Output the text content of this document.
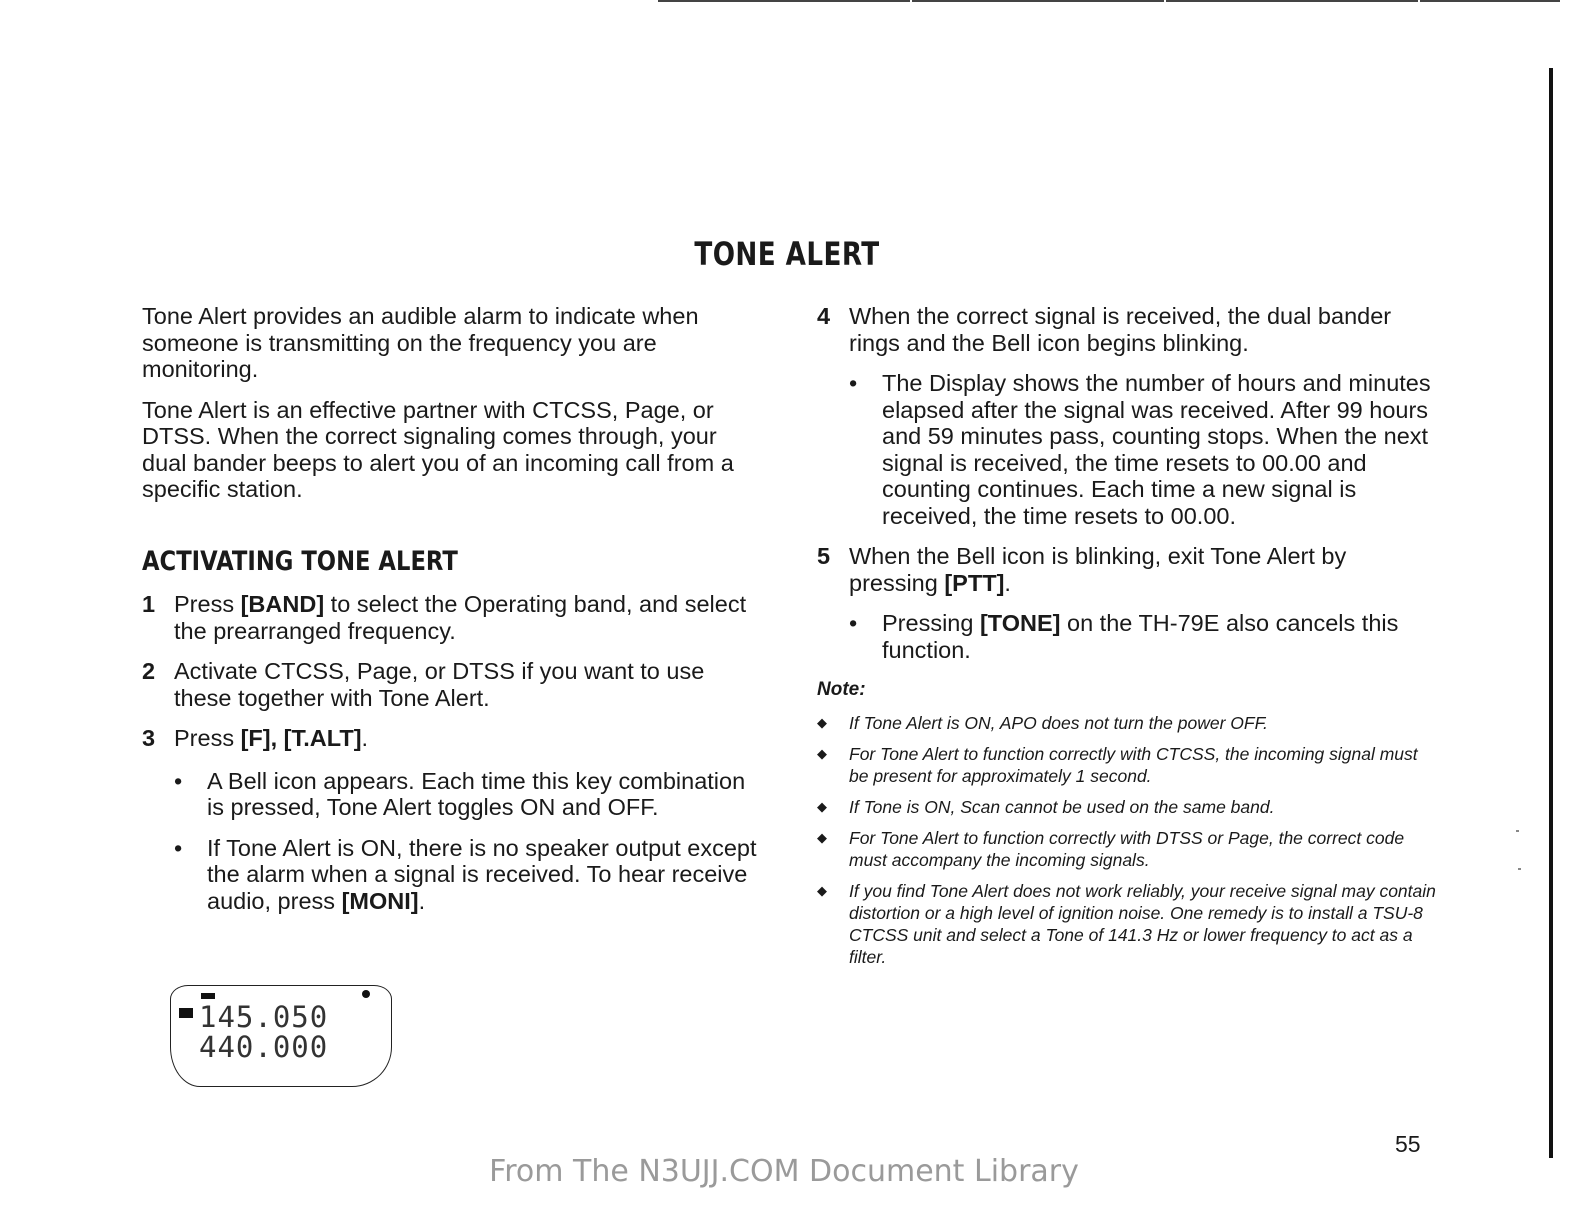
TONE ALERT

Tone Alert provides an audible alarm to indicate when someone is transmitting on the frequency you are monitoring.

Tone Alert is an effective partner with CTCSS, Page, or DTSS. When the correct signaling comes through, your dual bander beeps to alert you of an incoming call from a specific station.

ACTIVATING TONE ALERT
1 Press [BAND] to select the Operating band, and select the prearranged frequency.
2 Activate CTCSS, Page, or DTSS if you want to use these together with Tone Alert.
3 Press [F], [T.ALT].
•	A Bell icon appears. Each time this key combination is pressed, Tone Alert toggles ON and OFF.
•	If Tone Alert is ON, there is no speaker output except the alarm when a signal is received. To hear receive audio, press [MONI].
145.050
440.000
4 When the correct signal is received, the dual bander rings and the Bell icon begins blinking.
•	The Display shows the number of hours and minutes elapsed after the signal was received. After 99 hours and 59 minutes pass, counting stops. When the next signal is received, the time resets to 00.00 and counting continues. Each time a new signal is received, the time resets to 00.00.
5 When the Bell icon is blinking, exit Tone Alert by pressing [PTT].
•	Pressing [TONE] on the TH-79E also cancels this function.
Note:
◆	If Tone Alert is ON, APO does not turn the power OFF.
◆	For Tone Alert to function correctly with CTCSS, the incoming signal must be present for approximately 1 second.
◆	If Tone is ON, Scan cannot be used on the same band.
◆	For Tone Alert to function correctly with DTSS or Page, the correct code must accompany the incoming signals.
◆	If you find Tone Alert does not work reliably, your receive signal may contain distortion or a high level of ignition noise. One remedy is to install a TSU-8 CTCSS unit and select a Tone of 141.3 Hz or lower frequency to act as a filter.
55
From The N3UJJ.COM Document Library
